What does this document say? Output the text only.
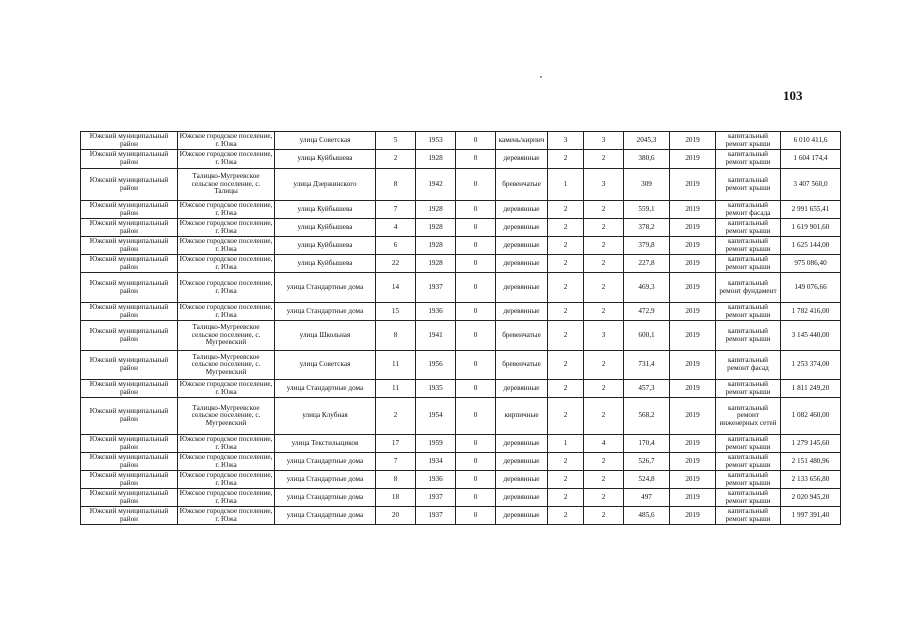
103
Южский муниципальный район	Южское городское поселение, г. Южа	улица Советская	5	1953	0	камень/кирпич	3	3	2045,3	2019	капитальный ремонт крыши	6 010 411,6
Южский муниципальный район	Южское городское поселение, г. Южа	улица Куйбышева	2	1928	0	деревянные	2	2	380,6	2019	капитальный ремонт крыши	1 604 174,4
Южский муниципальный район	Талицко-Мугреевское сельское поселение, с. Талицы	улица Дзержинского	8	1942	0	бревенчатые	1	3	309	2019	капитальный ремонт крыши	3 407 560,0
Южский муниципальный район	Южское городское поселение, г. Южа	улица Куйбышева	7	1928	0	деревянные	2	2	559,1	2019	капитальный ремонт фасада	2 991 655,41
Южский муниципальный район	Южское городское поселение, г. Южа	улица Куйбышева	4	1928	0	деревянные	2	2	378,2	2019	капитальный ремонт крыши	1 619 901,60
Южский муниципальный район	Южское городское поселение, г. Южа	улица Куйбышева	6	1928	0	деревянные	2	2	379,8	2019	капитальный ремонт крыши	1 625 144,00
Южский муниципальный район	Южское городское поселение, г. Южа	улица Куйбышева	22	1928	0	деревянные	2	2	227,8	2019	капитальный ремонт крыши	975 086,40
Южский муниципальный район	Южское городское поселение, г. Южа	улица Стандартные дома	14	1937	0	деревянные	2	2	469,3	2019	капитальный ремонт фундамент	149 076,66
Южский муниципальный район	Южское городское поселение, г. Южа	улица Стандартные дома	15	1936	0	деревянные	2	2	472,9	2019	капитальный ремонт крыши	1 782 416,00
Южский муниципальный район	Талицко-Мугреевское сельское поселение, с. Мугреевский	улица Школьная	8	1941	0	бревенчатые	2	3	600,1	2019	капитальный ремонт крыши	3 145 440,00
Южский муниципальный район	Талицко-Мугреевское сельское поселение, с. Мугреевский	улица Советская	11	1956	0	бревенчатые	2	2	731,4	2019	капитальный ремонт фасад	1 253 374,00
Южский муниципальный район	Южское городское поселение, г. Южа	улица Стандартные дома	11	1935	0	деревянные	2	2	457,3	2019	капитальный ремонт крыши	1 811 249,20
Южский муниципальный район	Талицко-Мугреевское сельское поселение, с. Мугреевский	улица Клубная	2	1954	0	кирпичные	2	2	568,2	2019	капитальный ремонт инженерных сетей	1 082 460,00
Южский муниципальный район	Южское городское поселение, г. Южа	улица Текстильщиков	17	1959	0	деревянные	1	4	170,4	2019	капитальный ремонт крыши	1 279 145,60
Южский муниципальный район	Южское городское поселение, г. Южа	улица Стандартные дома	7	1934	0	деревянные	2	2	526,7	2019	капитальный ремонт крыши	2 151 480,96
Южский муниципальный район	Южское городское поселение, г. Южа	улица Стандартные дома	8	1936	0	деревянные	2	2	524,8	2019	капитальный ремонт крыши	2 133 656,80
Южский муниципальный район	Южское городское поселение, г. Южа	улица Стандартные дома	18	1937	0	деревянные	2	2	497	2019	капитальный ремонт крыши	2 020 945,20
Южский муниципальный район	Южское городское поселение, г. Южа	улица Стандартные дома	20	1937	0	деревянные	2	2	485,6	2019	капитальный ремонт крыши	1 997 391,40
